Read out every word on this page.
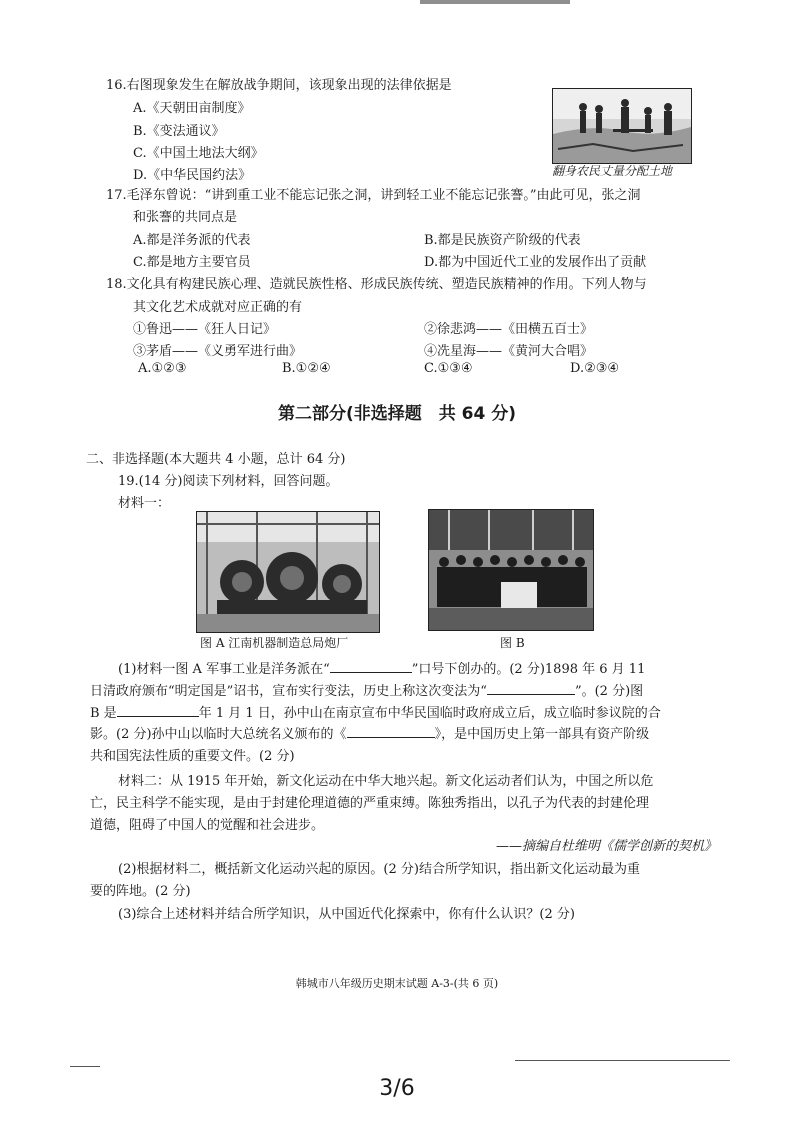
16.右图现象发生在解放战争期间，该现象出现的法律依据是
A.《天朝田亩制度》
B.《变法通议》
C.《中国土地法大纲》
D.《中华民国约法》	翻身农民丈量分配土地
17.毛泽东曾说：“讲到重工业不能忘记张之洞，讲到轻工业不能忘记张謇。”由此可见，张之洞
和张謇的共同点是
A.都是洋务派的代表	B.都是民族资产阶级的代表
C.都是地方主要官员	D.都为中国近代工业的发展作出了贡献
18.文化具有构建民族心理、造就民族性格、形成民族传统、塑造民族精神的作用。下列人物与
其文化艺术成就对应正确的有
①鲁迅——《狂人日记》	②徐悲鸿——《田横五百士》
③茅盾——《义勇军进行曲》	④冼星海——《黄河大合唱》
A.①②③	B.①②④	C.①③④	D.②③④
第二部分(非选择题　共 64 分)
二、非选择题(本大题共 4 小题，总计 64 分)
19.(14 分)阅读下列材料，回答问题。
材料一：
图 A 江南机器制造总局炮厂	图 B
(1)材料一图 A 军事工业是洋务派在“	”口号下创办的。(2 分)1898 年 6 月 11
日清政府颁布“明定国是”诏书，宣布实行变法，历史上称这次变法为“	”。(2 分)图
B 是	年 1 月 1 日，孙中山在南京宣布中华民国临时政府成立后，成立临时参议院的合
影。(2 分)孙中山以临时大总统名义颁布的《	》，是中国历史上第一部具有资产阶级
共和国宪法性质的重要文件。(2 分)
材料二：从 1915 年开始，新文化运动在中华大地兴起。新文化运动者们认为，中国之所以危
亡，民主科学不能实现，是由于封建伦理道德的严重束缚。陈独秀指出，以孔子为代表的封建伦理
道德，阻碍了中国人的觉醒和社会进步。
——摘编自杜维明《儒学创新的契机》
(2)根据材料二，概括新文化运动兴起的原因。(2 分)结合所学知识，指出新文化运动最为重
要的阵地。(2 分)
(3)综合上述材料并结合所学知识，从中国近代化探索中，你有什么认识？(2 分)
韩城市八年级历史期末试题 A-3-(共 6 页)
3/6
